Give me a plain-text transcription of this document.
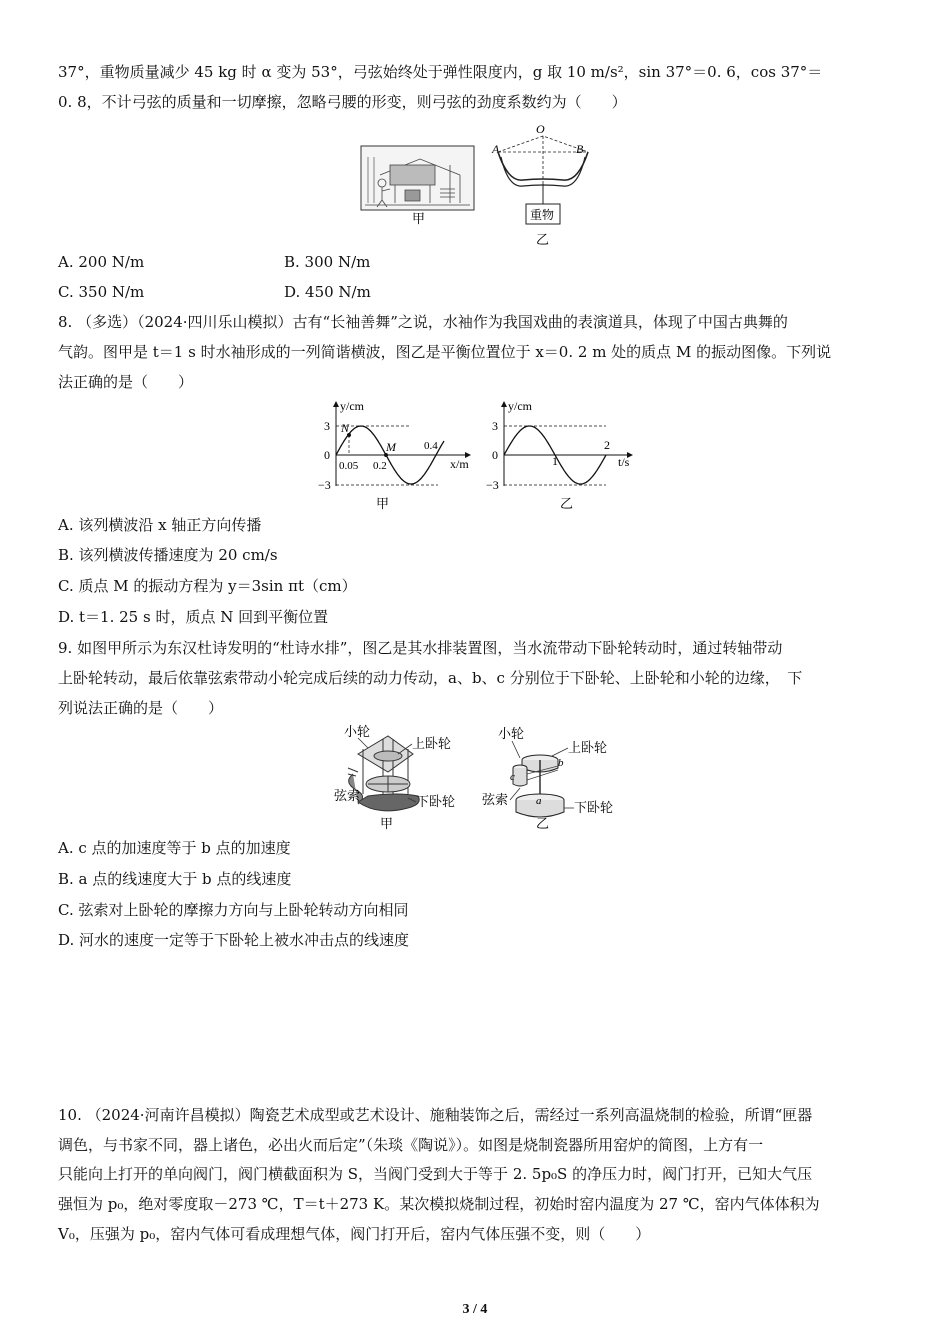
37°，重物质量减少 45 kg 时 α 变为 53°，弓弦始终处于弹性限度内，g 取 10 m/s²，sin 37°＝0. 6，cos 37°＝
0. 8，不计弓弦的质量和一切摩擦，忽略弓腰的形变，则弓弦的劲度系数约为（　　）
甲
O
A	B
重物
乙
A. 200 N/m	B. 300 N/m
C. 350 N/m	D. 450 N/m
8. （多选）（2024·四川乐山模拟）古有“长袖善舞”之说，水袖作为我国戏曲的表演道具，体现了中国古典舞的
气韵。图甲是 t＝1 s 时水袖形成的一列简谐横波，图乙是平衡位置位于 x＝0. 2 m 处的质点 M 的振动图像。下列说
法正确的是（　　）
y/cm
x/m
3
−3
0
N
M
0.05 0.2
0.4
甲
y/cm
t/s
3
−3
0	1
2
乙
A. 该列横波沿 x 轴正方向传播
B. 该列横波传播速度为 20 cm/s
C. 质点 M 的振动方程为 y＝3sin πt（cm）
D. t＝1. 25 s 时，质点 N 回到平衡位置
9. 如图甲所示为东汉杜诗发明的“杜诗水排”，图乙是其水排装置图，当水流带动下卧轮转动时，通过转轴带动
上卧轮转动，最后依靠弦索带动小轮完成后续的动力传动，a、b、c 分别位于下卧轮、上卧轮和小轮的边缘，　下
列说法正确的是（　　）
小轮
上卧轮
弦索	下卧轮
甲
小轮
上卧轮
b
c
a
弦索
下卧轮
乙
A. c 点的加速度等于 b 点的加速度
B. a 点的线速度大于 b 点的线速度
C. 弦索对上卧轮的摩擦力方向与上卧轮转动方向相同
D. 河水的速度一定等于下卧轮上被水冲击点的线速度
10. （2024·河南许昌模拟）陶瓷艺术成型或艺术设计、施釉装饰之后，需经过一系列高温烧制的检验，所谓“匣器
调色，与书家不同，器上诸色，必出火而后定”（朱琰《陶说》）。如图是烧制瓷器所用窑炉的简图，上方有一
只能向上打开的单向阀门，阀门横截面积为 S，当阀门受到大于等于 2. 5p₀S 的净压力时，阀门打开，已知大气压
强恒为 p₀，绝对零度取－273 ℃，T＝t＋273 K。某次模拟烧制过程，初始时窑内温度为 27 ℃，窑内气体体积为
V₀，压强为 p₀，窑内气体可看成理想气体，阀门打开后，窑内气体压强不变，则（　　）
3 / 4
